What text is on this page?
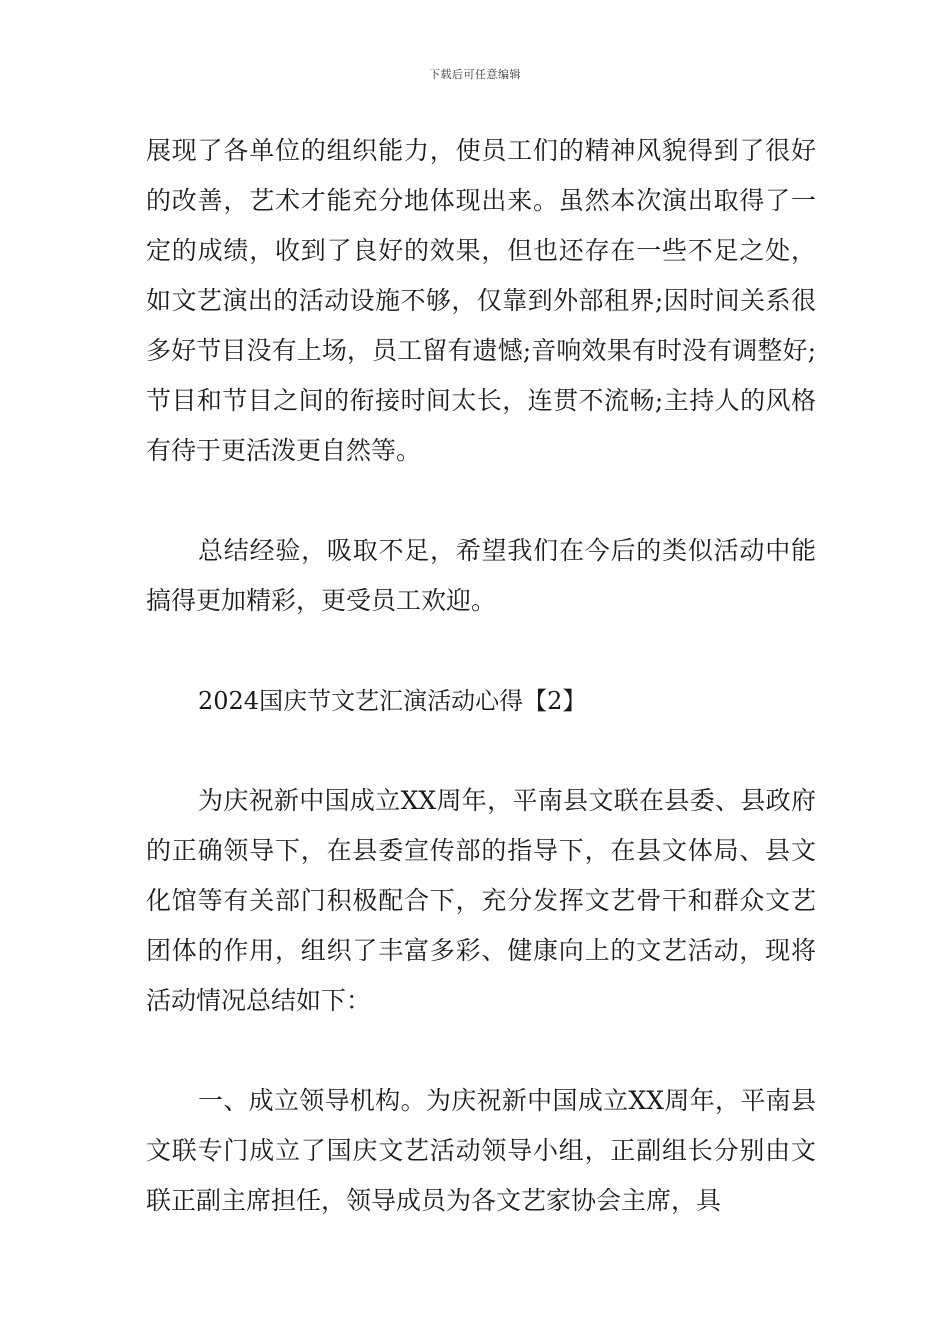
下载后可任意编辑

展现了各单位的组织能力，使员工们的精神风貌得到了很好的改善，艺术才能充分地体现出来。虽然本次演出取得了一定的成绩，收到了良好的效果，但也还存在一些不足之处，如文艺演出的活动设施不够，仅靠到外部租界;因时间关系很多好节目没有上场，员工留有遗憾;音响效果有时没有调整好;节目和节目之间的衔接时间太长，连贯不流畅;主持人的风格有待于更活泼更自然等。

总结经验，吸取不足，希望我们在今后的类似活动中能搞得更加精彩，更受员工欢迎。

2024国庆节文艺汇演活动心得【2】

为庆祝新中国成立XX周年，平南县文联在县委、县政府的正确领导下，在县委宣传部的指导下，在县文体局、县文化馆等有关部门积极配合下，充分发挥文艺骨干和群众文艺团体的作用，组织了丰富多彩、健康向上的文艺活动，现将活动情况总结如下：

一、成立领导机构。为庆祝新中国成立XX周年，平南县文联专门成立了国庆文艺活动领导小组，正副组长分别由文联正副主席担任，领导成员为各文艺家协会主席，具
